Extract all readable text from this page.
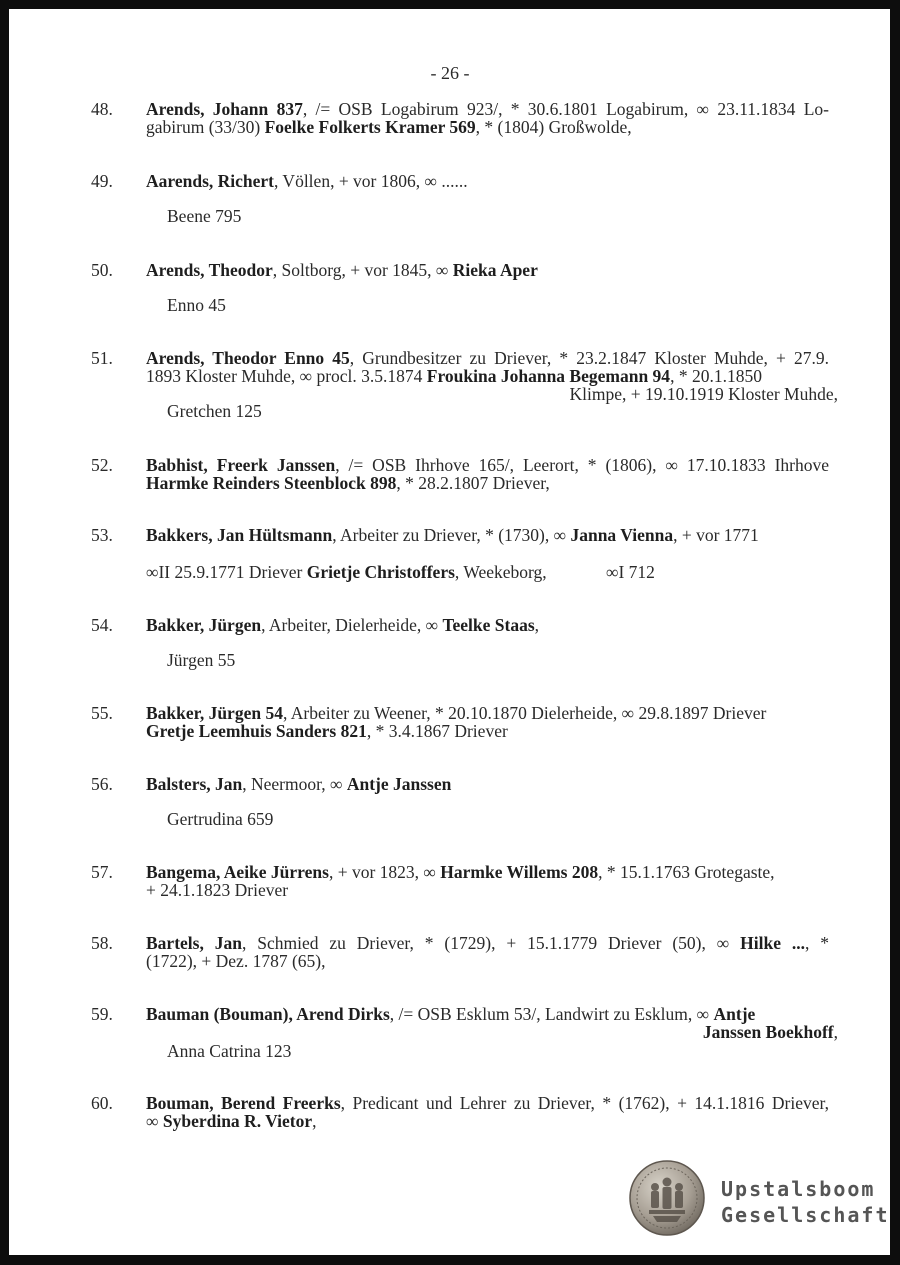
- 26 -
48. Arends, Johann 837, /= OSB Logabirum 923/, * 30.6.1801 Logabirum, ∞ 23.11.1834 Lo-
gabirum (33/30) Foelke Folkerts Kramer 569, * (1804) Großwolde,
49. Aarends, Richert, Völlen, + vor 1806, ∞ ......
Beene 795
50. Arends, Theodor, Soltborg, + vor 1845, ∞ Rieka Aper
Enno 45
51. Arends, Theodor Enno 45, Grundbesitzer zu Driever, * 23.2.1847 Kloster Muhde, + 27.9.
1893 Kloster Muhde, ∞ procl. 3.5.1874 Froukina Johanna Begemann 94, * 20.1.1850
Klimpe, + 19.10.1919 Kloster Muhde,
Gretchen 125
52. Babhist, Freerk Janssen, /= OSB Ihrhove 165/, Leerort, * (1806), ∞ 17.10.1833 Ihrhove
Harmke Reinders Steenblock 898, * 28.2.1807 Driever,
53. Bakkers, Jan Hültsmann, Arbeiter zu Driever, * (1730), ∞ Janna Vienna, + vor 1771
∞II 25.9.1771 Driever Grietje Christoffers, Weekeborg,	∞I 712
54. Bakker, Jürgen, Arbeiter, Dielerheide, ∞ Teelke Staas,
Jürgen 55
55. Bakker, Jürgen 54, Arbeiter zu Weener, * 20.10.1870 Dielerheide, ∞ 29.8.1897 Driever
Gretje Leemhuis Sanders 821, * 3.4.1867 Driever
56. Balsters, Jan, Neermoor, ∞ Antje Janssen
Gertrudina 659
57. Bangema, Aeike Jürrens, + vor 1823, ∞ Harmke Willems 208, * 15.1.1763 Grotegaste,
+ 24.1.1823 Driever
58. Bartels, Jan, Schmied zu Driever, * (1729), + 15.1.1779 Driever (50), ∞ Hilke ..., *
(1722), + Dez. 1787 (65),
59. Bauman (Bouman), Arend Dirks, /= OSB Esklum 53/, Landwirt zu Esklum, ∞ Antje
Janssen Boekhoff,
Anna Catrina 123
60. Bouman, Berend Freerks, Predicant und Lehrer zu Driever, * (1762), + 14.1.1816 Driever,
∞ Syberdina R. Vietor,
Upstalsboom
Gesellschaft
